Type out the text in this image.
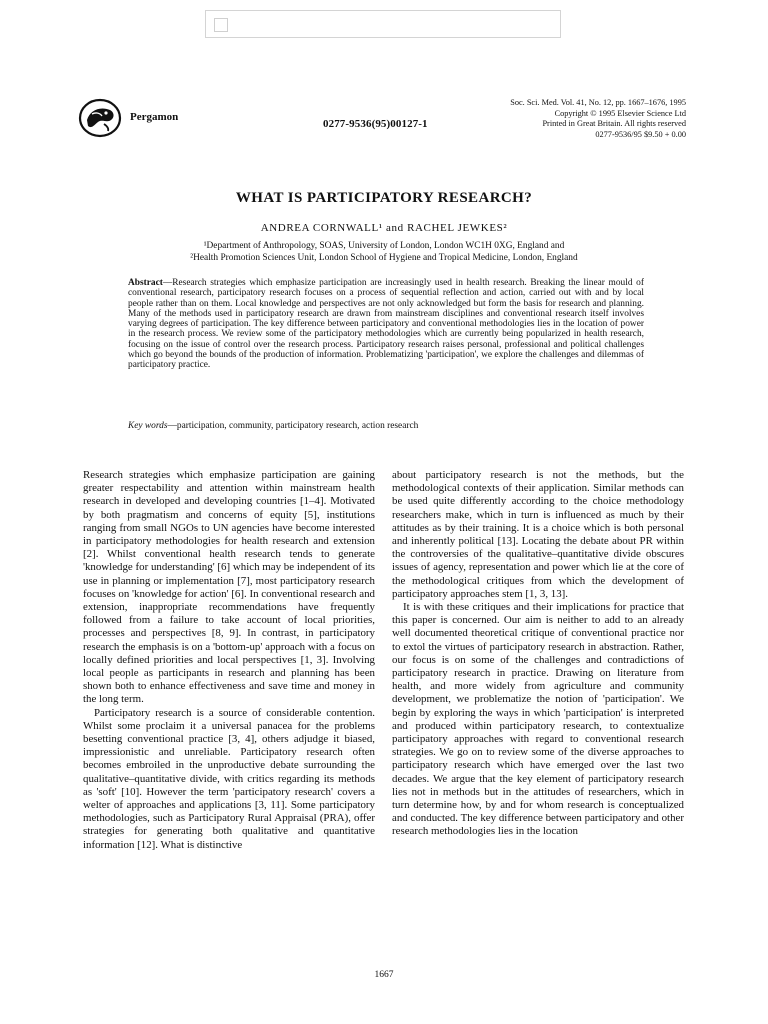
Pergamon
0277-9536(95)00127-1
Soc. Sci. Med. Vol. 41, No. 12, pp. 1667–1676, 1995
Copyright © 1995 Elsevier Science Ltd
Printed in Great Britain. All rights reserved
0277-9536/95 $9.50 + 0.00
WHAT IS PARTICIPATORY RESEARCH?
ANDREA CORNWALL¹ and RACHEL JEWKES²
¹Department of Anthropology, SOAS, University of London, London WC1H 0XG, England and
²Health Promotion Sciences Unit, London School of Hygiene and Tropical Medicine, London, England
Abstract—Research strategies which emphasize participation are increasingly used in health research. Breaking the linear mould of conventional research, participatory research focuses on a process of sequential reflection and action, carried out with and by local people rather than on them. Local knowledge and perspectives are not only acknowledged but form the basis for research and planning. Many of the methods used in participatory research are drawn from mainstream disciplines and conventional research itself involves varying degrees of participation. The key difference between participatory and conventional methodologies lies in the location of power in the research process. We review some of the participatory methodologies which are currently being popularized in health research, focusing on the issue of control over the research process. Participatory research raises personal, professional and political challenges which go beyond the bounds of the production of information. Problematizing 'participation', we explore the challenges and dilemmas of participatory practice.
Key words—participation, community, participatory research, action research

Research strategies which emphasize participation are gaining greater respectability and attention within mainstream health research in developed and developing countries [1–4]. Motivated by both pragmatism and concerns of equity [5], institutions ranging from small NGOs to UN agencies have become interested in participatory methodologies for health research and extension [2]. Whilst conventional health research tends to generate 'knowledge for understanding' [6] which may be independent of its use in planning or implementation [7], most participatory research focuses on 'knowledge for action' [6]. In conventional research and extension, inappropriate recommendations have frequently followed from a failure to take account of local priorities, processes and perspectives [8, 9]. In contrast, in participatory research the emphasis is on a 'bottom-up' approach with a focus on locally defined priorities and local perspectives [1, 3]. Involving local people as participants in research and planning has been shown both to enhance effectiveness and save time and money in the long term.

Participatory research is a source of considerable contention. Whilst some proclaim it a universal panacea for the problems besetting conventional practice [3, 4], others adjudge it biased, impressionistic and unreliable. Participatory research often becomes embroiled in the unproductive debate surrounding the qualitative–quantitative divide, with critics regarding its methods as 'soft' [10]. However the term 'participatory research' covers a welter of approaches and applications [3, 11]. Some participatory methodologies, such as Participatory Rural Appraisal (PRA), offer strategies for generating both qualitative and quantitative information [12]. What is distinctive

about participatory research is not the methods, but the methodological contexts of their application. Similar methods can be used quite differently according to the choice methodology researchers make, which in turn is influenced as much by their attitudes as by their training. It is a choice which is both personal and inherently political [13]. Locating the debate about PR within the controversies of the qualitative–quantitative divide obscures issues of agency, representation and power which lie at the core of the methodological critiques from which the development of participatory approaches stem [1, 3, 13].

It is with these critiques and their implications for practice that this paper is concerned. Our aim is neither to add to an already well documented theoretical critique of conventional practice nor to extol the virtues of participatory research in abstraction. Rather, our focus is on some of the challenges and contradictions of participatory research in practice. Drawing on literature from health, and more widely from agriculture and community development, we problematize the notion of 'participation'. We begin by exploring the ways in which 'participation' is interpreted and produced within participatory research, to contextualize participatory approaches with regard to conventional research strategies. We go on to review some of the diverse approaches to participatory research which have emerged over the last two decades. We argue that the key element of participatory research lies not in methods but in the attitudes of researchers, which in turn determine how, by and for whom research is conceptualized and conducted. The key difference between participatory and other research methodologies lies in the location

1667
